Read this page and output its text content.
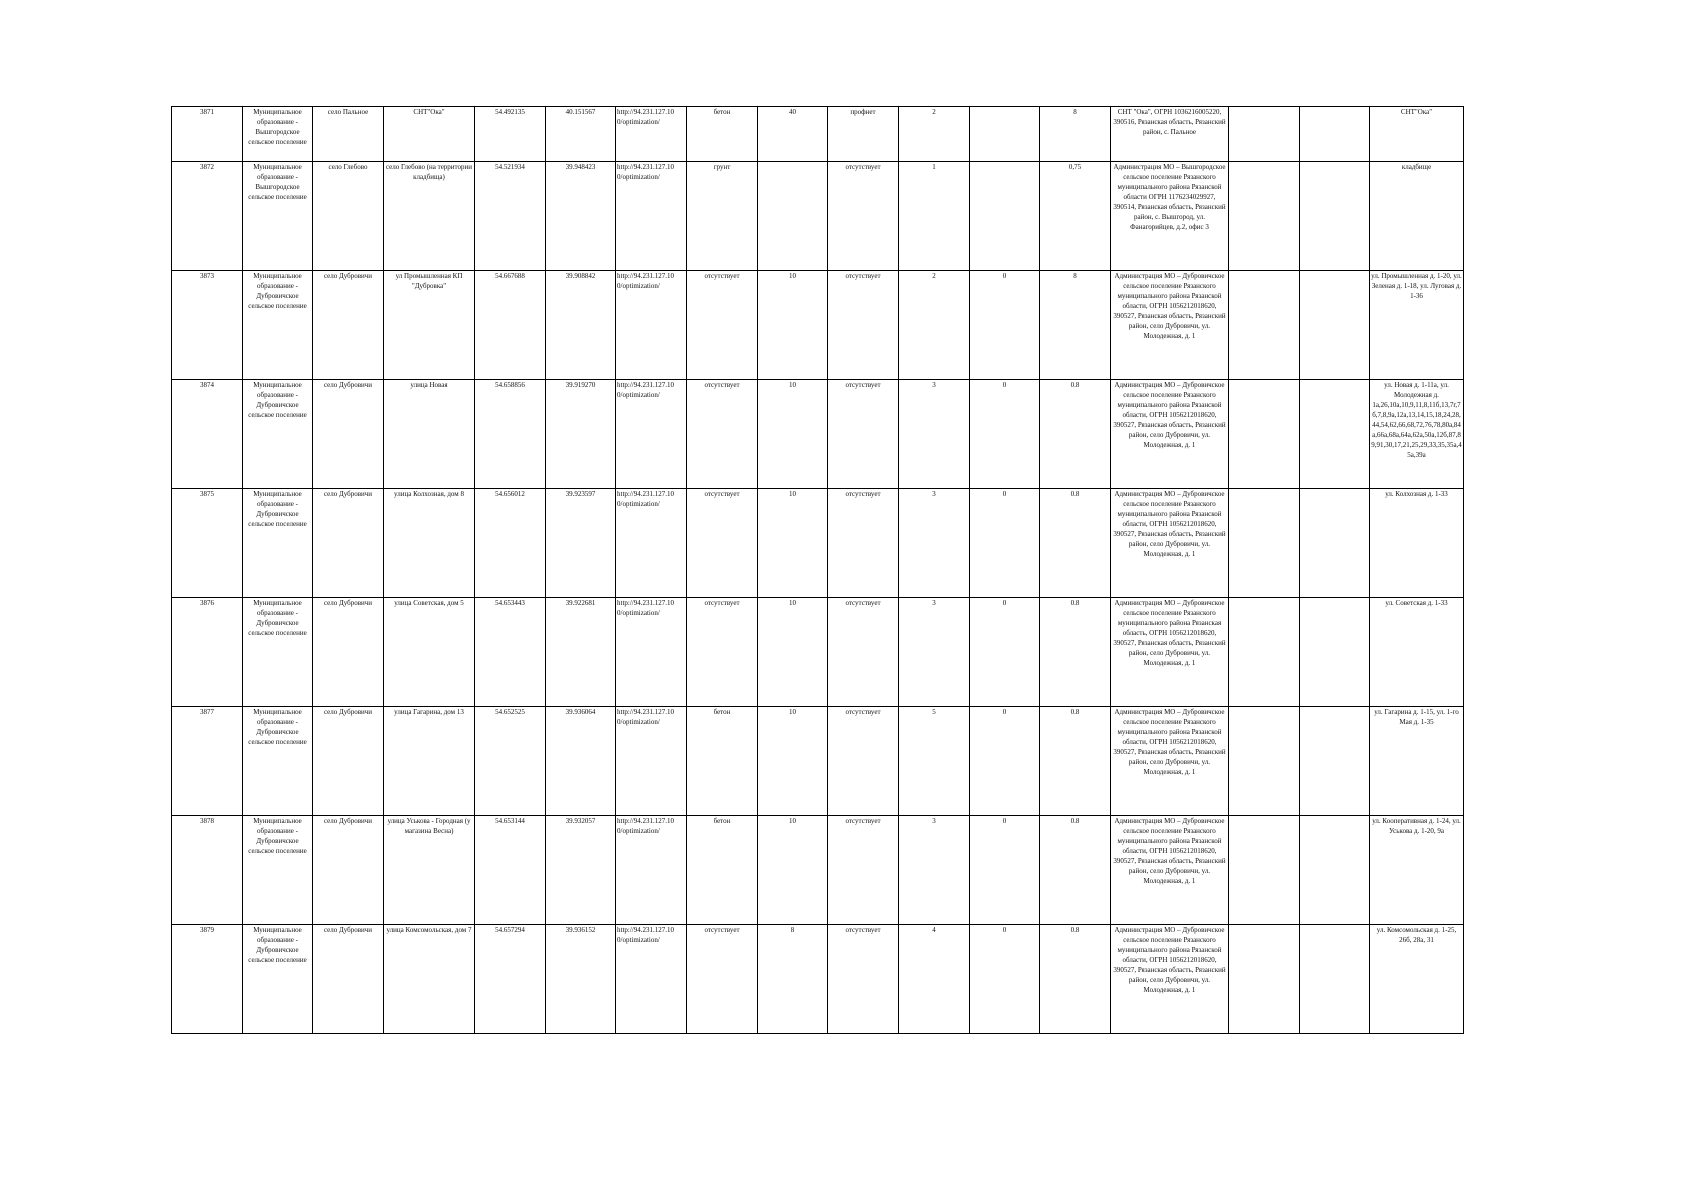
3871	Муниципальное образование - Вышгородское сельское поселение	село Пальное	СНТ"Ока"	54.492135	40.151567	http://94.231.127.10 0/optimization/	бетон	40	профнет	2		8	СНТ "Ока", ОГРН 1036216005220, 390516, Рязанская область, Рязанский район, с. Пальное			СНТ"Ока"
3872	Муниципальное образование - Вышгородское сельское поселение	село Глебово	село Глебово (на территории кладбища)	54.521934	39.948423	http://94.231.127.10 0/optimization/	грунт		отсутствует	1		0,75	Администрация МО – Вышгородское сельское поселение Рязанского муниципального района Рязанской области ОГРН 1176234029927, 390514, Рязанская область, Рязанский район, с. Вышгород, ул. Фанагорийцев, д.2, офис 3			кладбище
3873	Муниципальное образование - Дубровичское сельское поселение	село Дубровичи	ул Промышленная КП "Дубровка"	54.667688	39.908842	http://94.231.127.10 0/optimization/	отсутствует	10	отсутствует	2	0	8	Администрация МО – Дубровичское сельское поселение Рязанского муниципального района Рязанской области, ОГРН 1056212018620, 390527, Рязанская область, Рязанский район, село Дубровичи, ул. Молодежная, д. 1			ул. Промышленная д. 1-20, ул. Зеленая д. 1-18, ул. Луговая д. 1-36
3874	Муниципальное образование - Дубровичское сельское поселение	село Дубровичи	улица Новая	54.658856	39.919270	http://94.231.127.10 0/optimization/	отсутствует	10	отсутствует	3	0	0.8	Администрация МО – Дубровичское сельское поселение Рязанского муниципального района Рязанской области, ОГРН 1056212018620, 390527, Рязанская область, Рязанский район, село Дубровичи, ул. Молодежная, д. 1			ул. Новая д. 1-11а, ул. Молодежная д. 1а,26,10а,10,9,11,8,11б,13,7г,7б,7,8,9а,12а,13,14,15,18,24,28,44,54,62,66,68,72,76,78,80а,84а,66а,68а,64а,62а,50а,12б,87,89,91,30,17,21,25,29,33,35,35а,45а,39а
3875	Муниципальное образование - Дубровичское сельское поселение	село Дубровичи	улица Колхозная, дом 8	54.656012	39.923597	http://94.231.127.10 0/optimization/	отсутствует	10	отсутствует	3	0	0.8	Администрация МО – Дубровичское сельское поселение Рязанского муниципального района Рязанской области, ОГРН 1056212018620, 390527, Рязанская область, Рязанский район, село Дубровичи, ул. Молодежная, д. 1			ул. Колхозная д. 1-33
3876	Муниципальное образование - Дубровичское сельское поселение	село Дубровичи	улица Советская, дом 5	54.653443	39.922681	http://94.231.127.10 0/optimization/	отсутствует	10	отсутствует	3	0	0.8	Администрация МО – Дубровичское сельское поселение Рязанского муниципального района Рязанская область, ОГРН 1056212018620, 390527, Рязанская область, Рязанский район, село Дубровичи, ул. Молодежная, д. 1			ул. Советская д. 1-33
3877	Муниципальное образование - Дубровичское сельское поселение	село Дубровичи	улица Гагарина, дом 13	54.652525	39.936064	http://94.231.127.10 0/optimization/	бетон	10	отсутствует	5	0	0.8	Администрация МО – Дубровичское сельское поселение Рязанского муниципального района Рязанской области, ОГРН 1056212018620, 390527, Рязанская область, Рязанский район, село Дубровичи, ул. Молодежная, д. 1			ул. Гагарина д. 1-15, ул. 1-го Мая д. 1-35
3878	Муниципальное образование - Дубровичское сельское поселение	село Дубровичи	улица Уськова - Городная (у магазина Весна)	54.653144	39.932057	http://94.231.127.10 0/optimization/	бетон	10	отсутствует	3	0	0.8	Администрация МО – Дубровичское сельское поселение Рязанского муниципального района Рязанской области, ОГРН 1056212018620, 390527, Рязанская область, Рязанский район, село Дубровичи, ул. Молодежная, д. 1			ул. Кооперативная д. 1-24, ул. Уськова д. 1-20, 9а
3879	Муниципальное образование - Дубровичское сельское поселение	село Дубровичи	улица Комсомольская, дом 7	54.657294	39.936152	http://94.231.127.10 0/optimization/	отсутствует	8	отсутствует	4	0	0.8	Администрация МО – Дубровичское сельское поселение Рязанского муниципального района Рязанской области, ОГРН 1056212018620, 390527, Рязанская область, Рязанский район, село Дубровичи, ул. Молодежная, д. 1			ул. Комсомольская д. 1-25, 26б, 28а, 31
